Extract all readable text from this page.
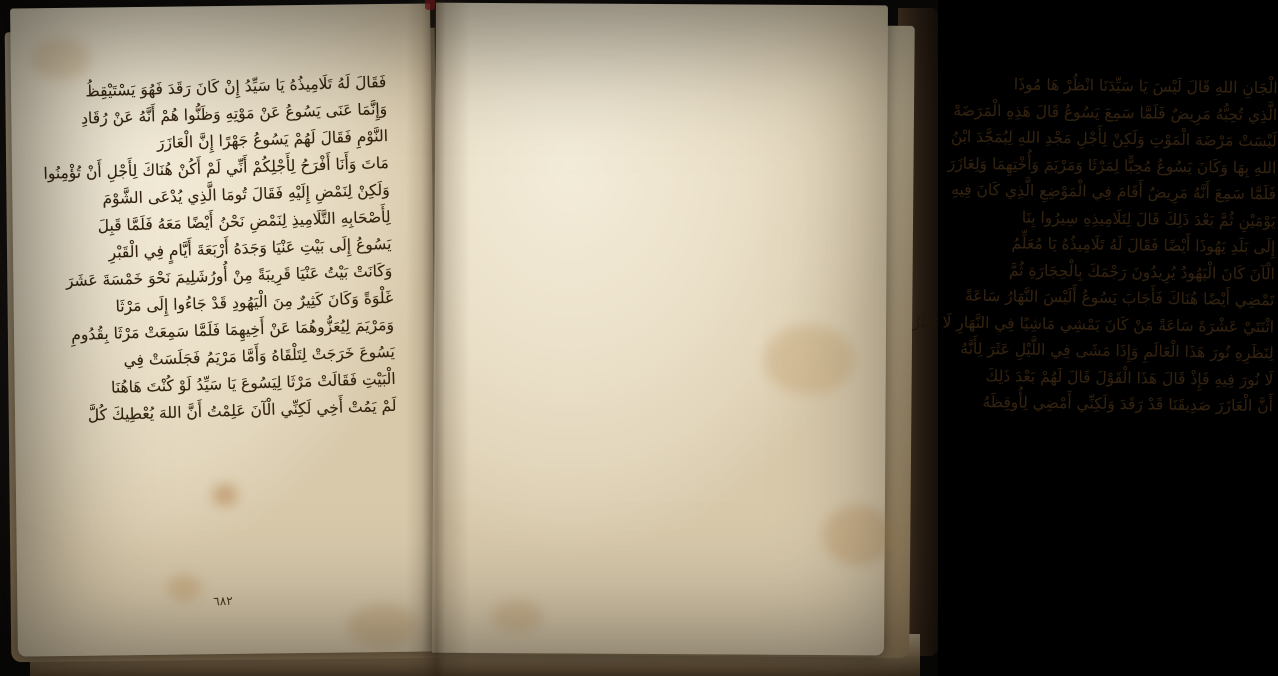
فَقَالَ لَهُ تَلَامِيذُهُ يَا سَيِّدُ إِنْ كَانَ رَقَدَ فَهُوَ يَسْتَيْقِظُ
وَإِنَّمَا عَنَى يَسُوعُ عَنْ مَوْتِهِ وَظَنُّوا هُمْ أَنَّهُ عَنْ رُقَادِ
النَّوْمِ فَقَالَ لَهُمْ يَسُوعُ جَهْرًا إِنَّ الْعَازَرَ
مَاتَ وَأَنَا أَفْرَحُ لِأَجْلِكُمْ أَنِّي لَمْ أَكُنْ هُنَاكَ لِأَجْلِ أَنْ تُؤْمِنُوا
وَلَكِنْ لِنَمْضِ إِلَيْهِ فَقَالَ تُومَا الَّذِي يُدْعَى الشَّوْمَ
لِأَصْحَابِهِ التَّلَامِيذِ لِنَمْضِ نَحْنُ أَيْضًا مَعَهُ فَلَمَّا قَبِلَ
يَسُوعُ إِلَى بَيْتِ عَنْيَا وَجَدَهُ أَرْبَعَةَ أَيَّامٍ فِي الْقَبْرِ
وَكَانَتْ بَيْتُ عَنْيَا قَرِيبَةً مِنْ أُورُشَلِيمَ نَحْوَ خَمْسَةَ عَشَرَ
غَلْوَةً وَكَانَ كَثِيرٌ مِنَ الْيَهُودِ قَدْ جَاءُوا إِلَى مَرْثَا
وَمَرْيَمَ لِيُعَزُّوهُمَا عَنْ أَخِيهِمَا فَلَمَّا سَمِعَتْ مَرْثَا بِقُدُومِ
يَسُوعَ خَرَجَتْ لِتَلْقَاهُ وَأَمَّا مَرْيَمُ فَجَلَسَتْ فِي
الْبَيْتِ فَقَالَتْ مَرْثَا لِيَسُوعَ يَا سَيِّدُ لَوْ كُنْتَ هَاهُنَا
لَمْ يَمُتْ أَخِي لَكِنِّي الْآنَ عَلِمْتُ أَنَّ اللهَ يُعْطِيكَ كُلَّ
٦٨٢
الْجَانِ اللهِ قَالَ لَيْسَ يَا سَيِّدَنَا انْظُرْ هَا مُوذَا
الَّذِي تُحِبُّهُ مَرِيضٌ فَلَمَّا سَمِعَ يَسُوعُ قَالَ هَذِهِ الْمَرَضَهْ
لَيْسَتْ مَرْضَهَ الْمَوْتِ وَلَكِنْ لِأَجْلِ مَجْدِ اللهِ لِيُمَجَّدَ ابْنُ
اللهِ بِهَا وَكَانَ يَسُوعُ مُحِبًّا لِمَرْثَا وَمَرْيَمَ وَأُخْتِهِمَا وَلِعَازَرَ
فَلَمَّا سَمِعَ أَنَّهُ مَرِيضٌ أَقَامَ فِي الْمَوْضِعِ الَّذِي كَانَ فِيهِ
يَوْمَيْنِ ثُمَّ بَعْدَ ذَلِكَ قَالَ لِتَلَامِيذِهِ سِيرُوا بِنَا
إِلَى بَلَدِ يَهُوذَا أَيْضًا فَقَالَ لَهُ تَلَامِيذُهُ يَا مُعَلِّمُ
الْآنَ كَانَ الْيَهُودُ يُرِيدُونَ رَجْمَكَ بِالْحِجَارَةِ ثُمَّ
تَمْضِي أَيْضًا هُنَاكَ فَأَجَابَ يَسُوعُ أَلَيْسَ النَّهَارُ سَاعَةً
اثْنَتَيْ عَشْرَةَ سَاعَةً مَنْ كَانَ يَمْشِي مَاشِيًا فِي النَّهَارِ لَا يَعْثُرُ
لِنَظَرِهِ نُورَ هَذَا الْعَالَمِ وَإِذَا مَشَى فِي اللَّيْلِ عَثَرَ لِأَنَّهُ
لَا نُورَ فِيهِ فَإِذْ قَالَ هَذَا الْقَوْلَ قَالَ لَهُمْ بَعْدَ ذَلِكَ
أَنَّ الْعَازَرَ صَدِيقَنَا قَدْ رَقَدَ وَلَكِنِّي أَمْضِي لِأُوقِظَهُ
